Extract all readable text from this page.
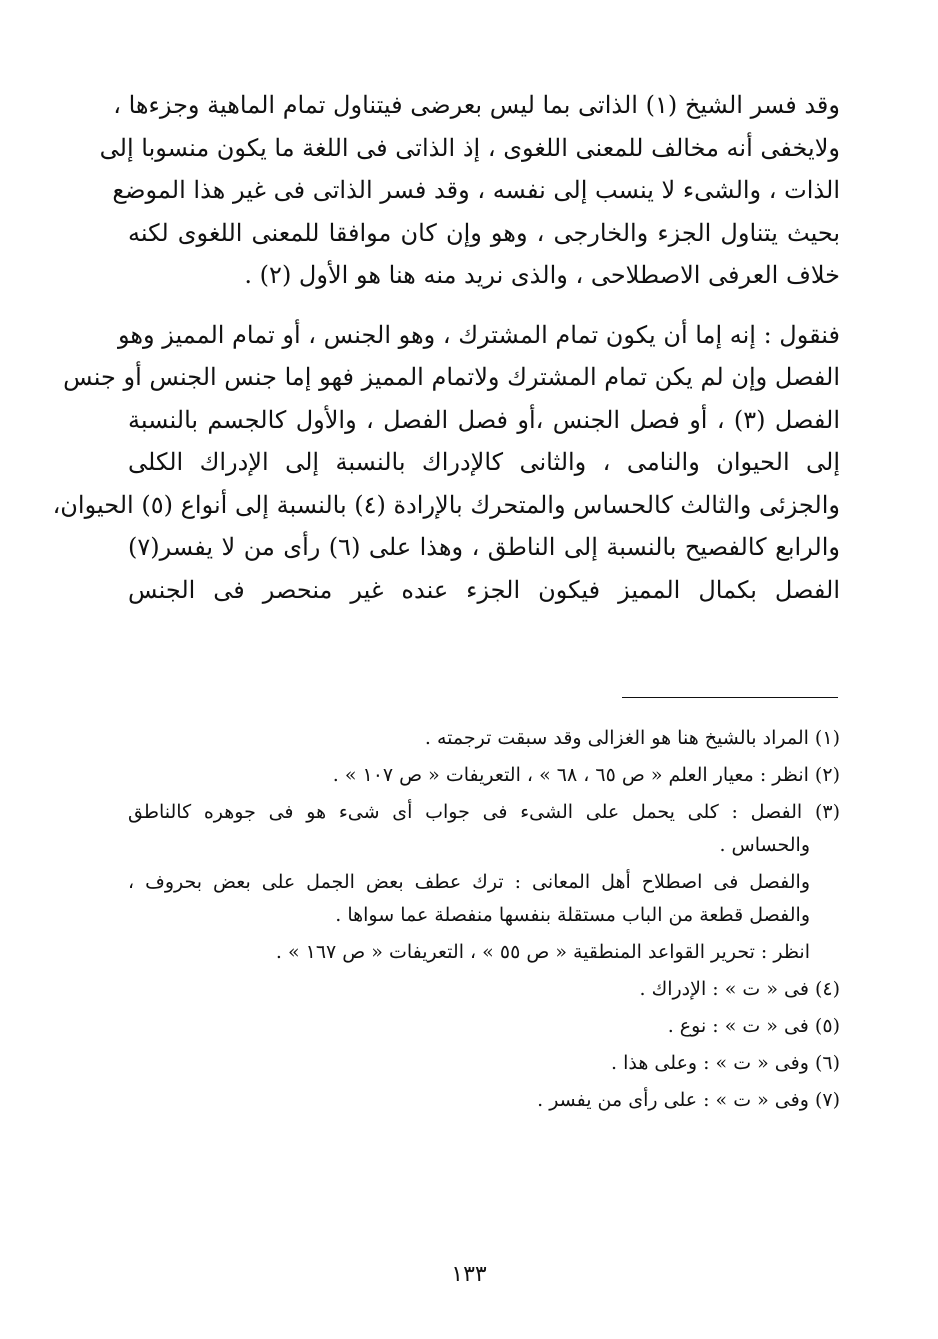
وقد فسر الشيخ (١) الذاتى بما ليس بعرضى فيتناول تمام الماهية وجزءها ،
ولايخفى أنه مخالف للمعنى اللغوى ، إذ الذاتى فى اللغة ما يكون منسوبا إلى
الذات ، والشىء لا ينسب إلى نفسه ، وقد فسر الذاتى فى غير هذا الموضع
بحيث يتناول الجزء والخارجى ، وهو وإن كان موافقا للمعنى اللغوى لكنه
خلاف العرفى الاصطلاحى ، والذى نريد منه هنا هو الأول (٢) .
فنقول : إنه إما أن يكون تمام المشترك ، وهو الجنس ، أو تمام المميز وهو
الفصل وإن لم يكن تمام المشترك ولاتمام المميز فهو إما جنس الجنس أو جنس
الفصل (٣) ، أو فصل الجنس ،أو فصل الفصل ، والأول كالجسم بالنسبة
إلى الحيوان والنامى ، والثانى كالإدراك بالنسبة إلى الإدراك الكلى
والجزئى والثالث كالحساس والمتحرك بالإرادة (٤) بالنسبة إلى أنواع (٥) الحيوان،
والرابع كالفصيح بالنسبة إلى الناطق ، وهذا على (٦) رأى من لا يفسر(٧)
الفصل بكمال المميز فيكون الجزء عنده غير منحصر فى الجنس
(١) المراد بالشيخ هنا هو الغزالى وقد سبقت ترجمته .
(٢) انظر : معيار العلم « ص ٦٥ ، ٦٨ » ، التعريفات « ص ١٠٧ » .
(٣) الفصل : كلى يحمل على الشىء فى جواب أى شىء هو فى جوهره كالناطق
والحساس .
والفصل فى اصطلاح أهل المعانى : ترك عطف بعض الجمل على بعض بحروف ،
والفصل قطعة من الباب مستقلة بنفسها منفصلة عما سواها .
انظر : تحرير القواعد المنطقية « ص ٥٥ » ، التعريفات « ص ١٦٧ » .
(٤) فى « ت » : الإدراك .
(٥) فى « ت » : نوع .
(٦) وفى « ت » : وعلى هذا .
(٧) وفى « ت » : على رأى من يفسر .
١٣٣
